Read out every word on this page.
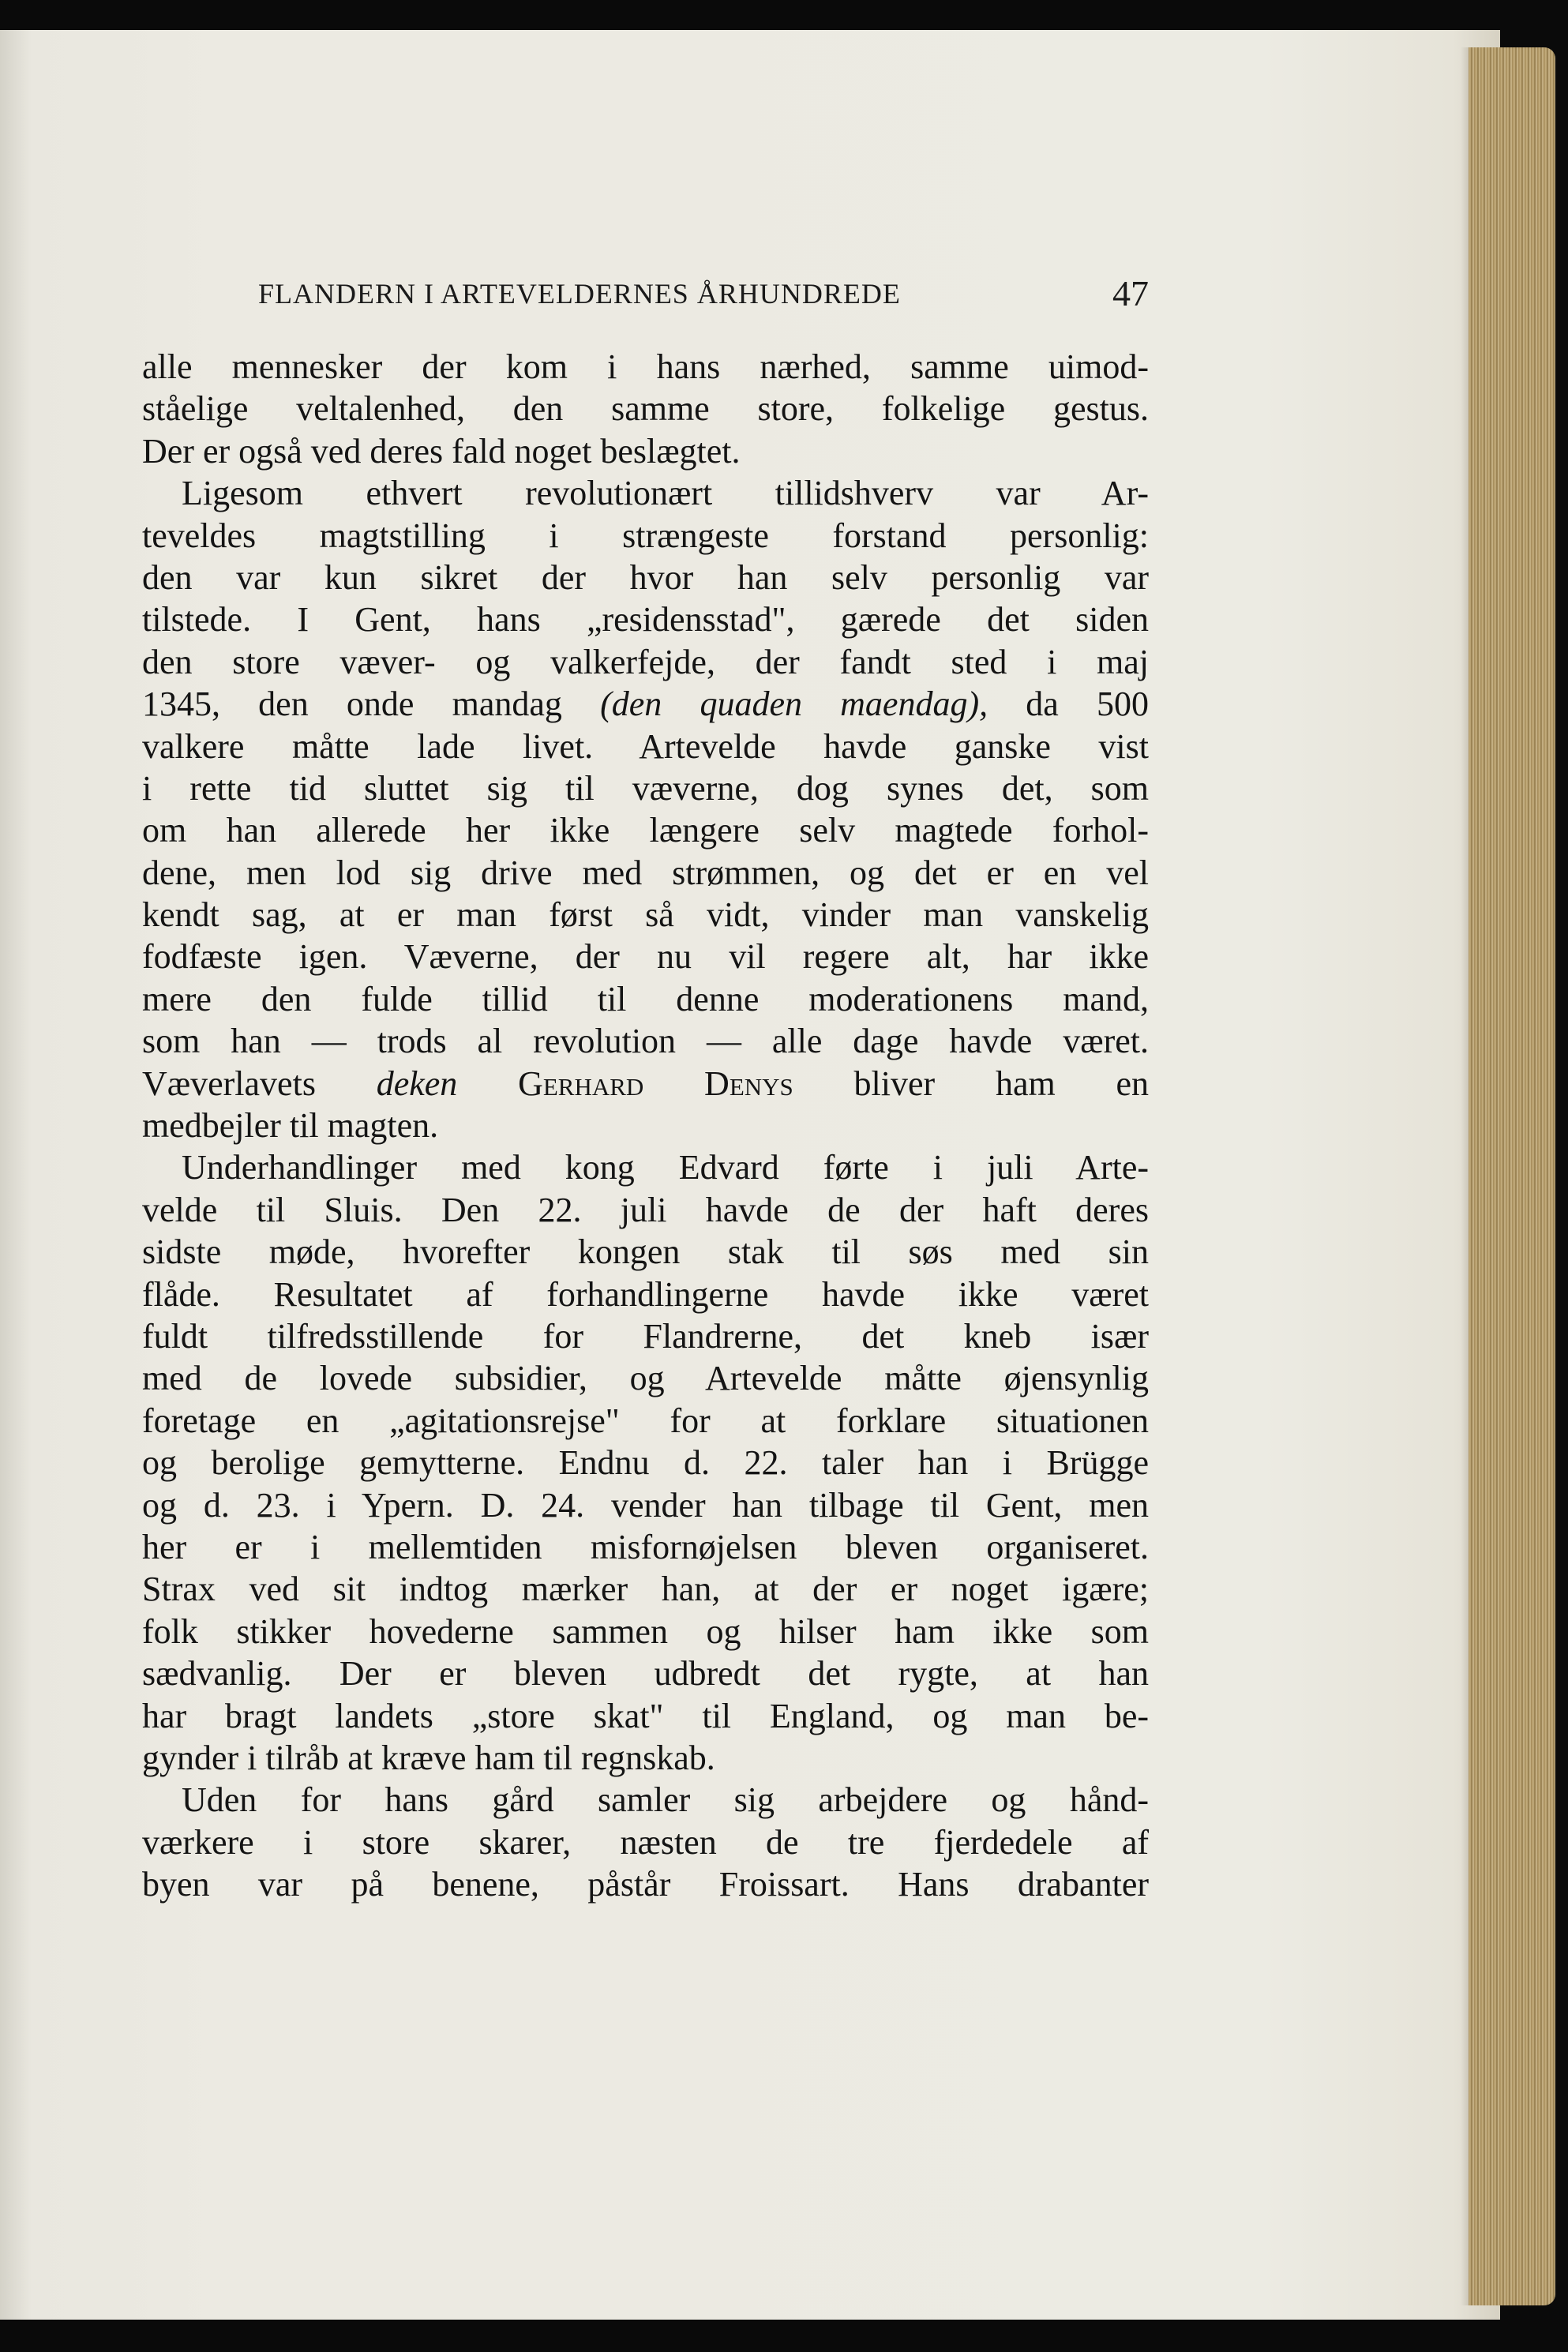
FLANDERN I ARTEVELDERNES ÅRHUNDREDE	47
alle mennesker der kom i hans nærhed, samme uimod-
ståelige veltalenhed, den samme store, folkelige gestus.
Der er også ved deres fald noget beslægtet.
Ligesom ethvert revolutionært tillidshverv var Ar-
teveldes magtstilling i strængeste forstand personlig:
den var kun sikret der hvor han selv personlig var
tilstede. I Gent, hans „residensstad", gærede det siden
den store væver- og valkerfejde, der fandt sted i maj
1345, den onde mandag (den quaden maendag), da 500
valkere måtte lade livet. Artevelde havde ganske vist
i rette tid sluttet sig til væverne, dog synes det, som
om han allerede her ikke længere selv magtede forhol-
dene, men lod sig drive med strømmen, og det er en vel
kendt sag, at er man først så vidt, vinder man vanskelig
fodfæste igen. Væverne, der nu vil regere alt, har ikke
mere den fulde tillid til denne moderationens mand,
som han — trods al revolution — alle dage havde været.
Væverlavets deken Gerhard Denys bliver ham en
medbejler til magten.
Underhandlinger med kong Edvard førte i juli Arte-
velde til Sluis. Den 22. juli havde de der haft deres
sidste møde, hvorefter kongen stak til søs med sin
flåde. Resultatet af forhandlingerne havde ikke været
fuldt tilfredsstillende for Flandrerne, det kneb især
med de lovede subsidier, og Artevelde måtte øjensynlig
foretage en „agitationsrejse" for at forklare situationen
og berolige gemytterne. Endnu d. 22. taler han i Brügge
og d. 23. i Ypern. D. 24. vender han tilbage til Gent, men
her er i mellemtiden misfornøjelsen bleven organiseret.
Strax ved sit indtog mærker han, at der er noget igære;
folk stikker hovederne sammen og hilser ham ikke som
sædvanlig. Der er bleven udbredt det rygte, at han
har bragt landets „store skat" til England, og man be-
gynder i tilråb at kræve ham til regnskab.
Uden for hans gård samler sig arbejdere og hånd-
værkere i store skarer, næsten de tre fjerdedele af
byen var på benene, påstår Froissart. Hans drabanter
